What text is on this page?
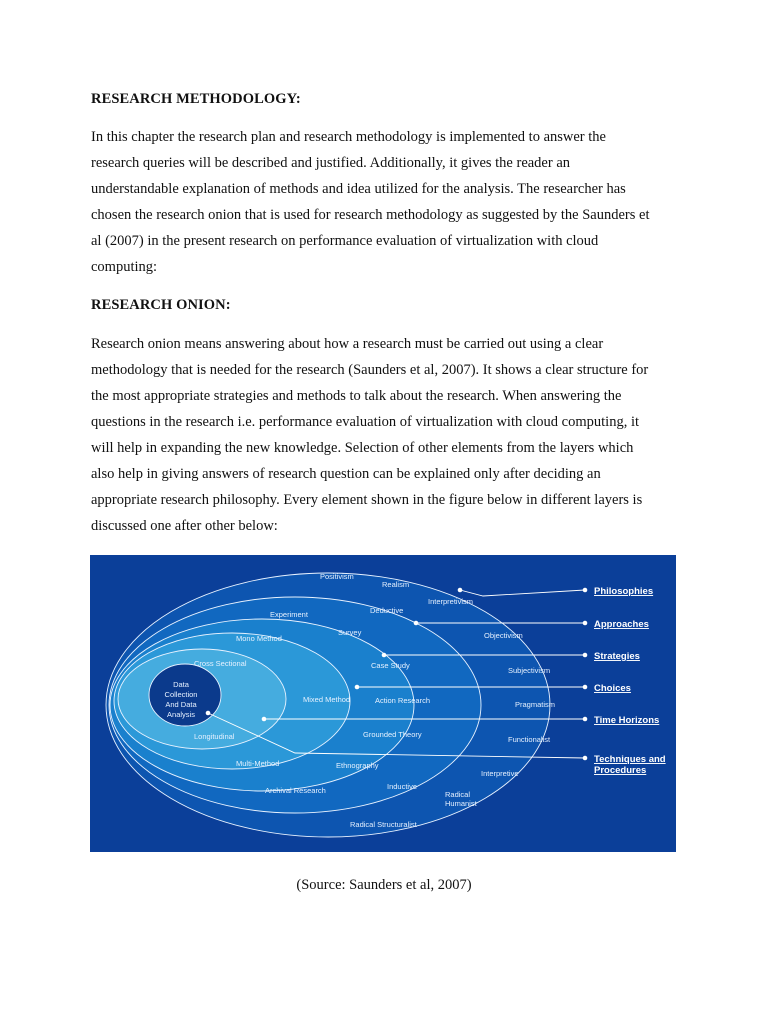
RESEARCH METHODOLOGY:

In this chapter the research plan and research methodology is implemented to answer the
research queries will be described and justified. Additionally, it gives the reader an
understandable explanation of methods and idea utilized for the analysis. The researcher has
chosen the research onion that is used for research methodology as suggested by the Saunders et
al (2007) in the present research on performance evaluation of virtualization with cloud
computing:

RESEARCH ONION:

Research onion means answering about how a research must be carried out using a clear
methodology that is needed for the research (Saunders et al, 2007). It shows a clear structure for
the most appropriate strategies and methods to talk about the research. When answering the
questions in the research i.e. performance evaluation of virtualization with cloud computing, it
will help in expanding the new knowledge. Selection of other elements from the layers which
also help in giving answers of research question can be explained only after deciding an
appropriate research philosophy. Every element shown in the figure below in different layers is
discussed one after other below:

Philosophies
Approaches
Strategies
Choices
Time Horizons
Techniques and
Procedures
Positivism
Realism
Interpretivism
Objectivism
Subjectivism
Pragmatism
Functionalist
Interpretive
Radical
Humanist
Radical Structuralist
Deductive
Inductive
Experiment
Survey
Case Study
Action Research
Grounded Theory
Ethnography
Archival Research
Mono Method
Mixed Method
Multi-Method
Cross Sectional
Longitudinal
Data
Collection
And Data
Analysis

(Source: Saunders et al, 2007)
